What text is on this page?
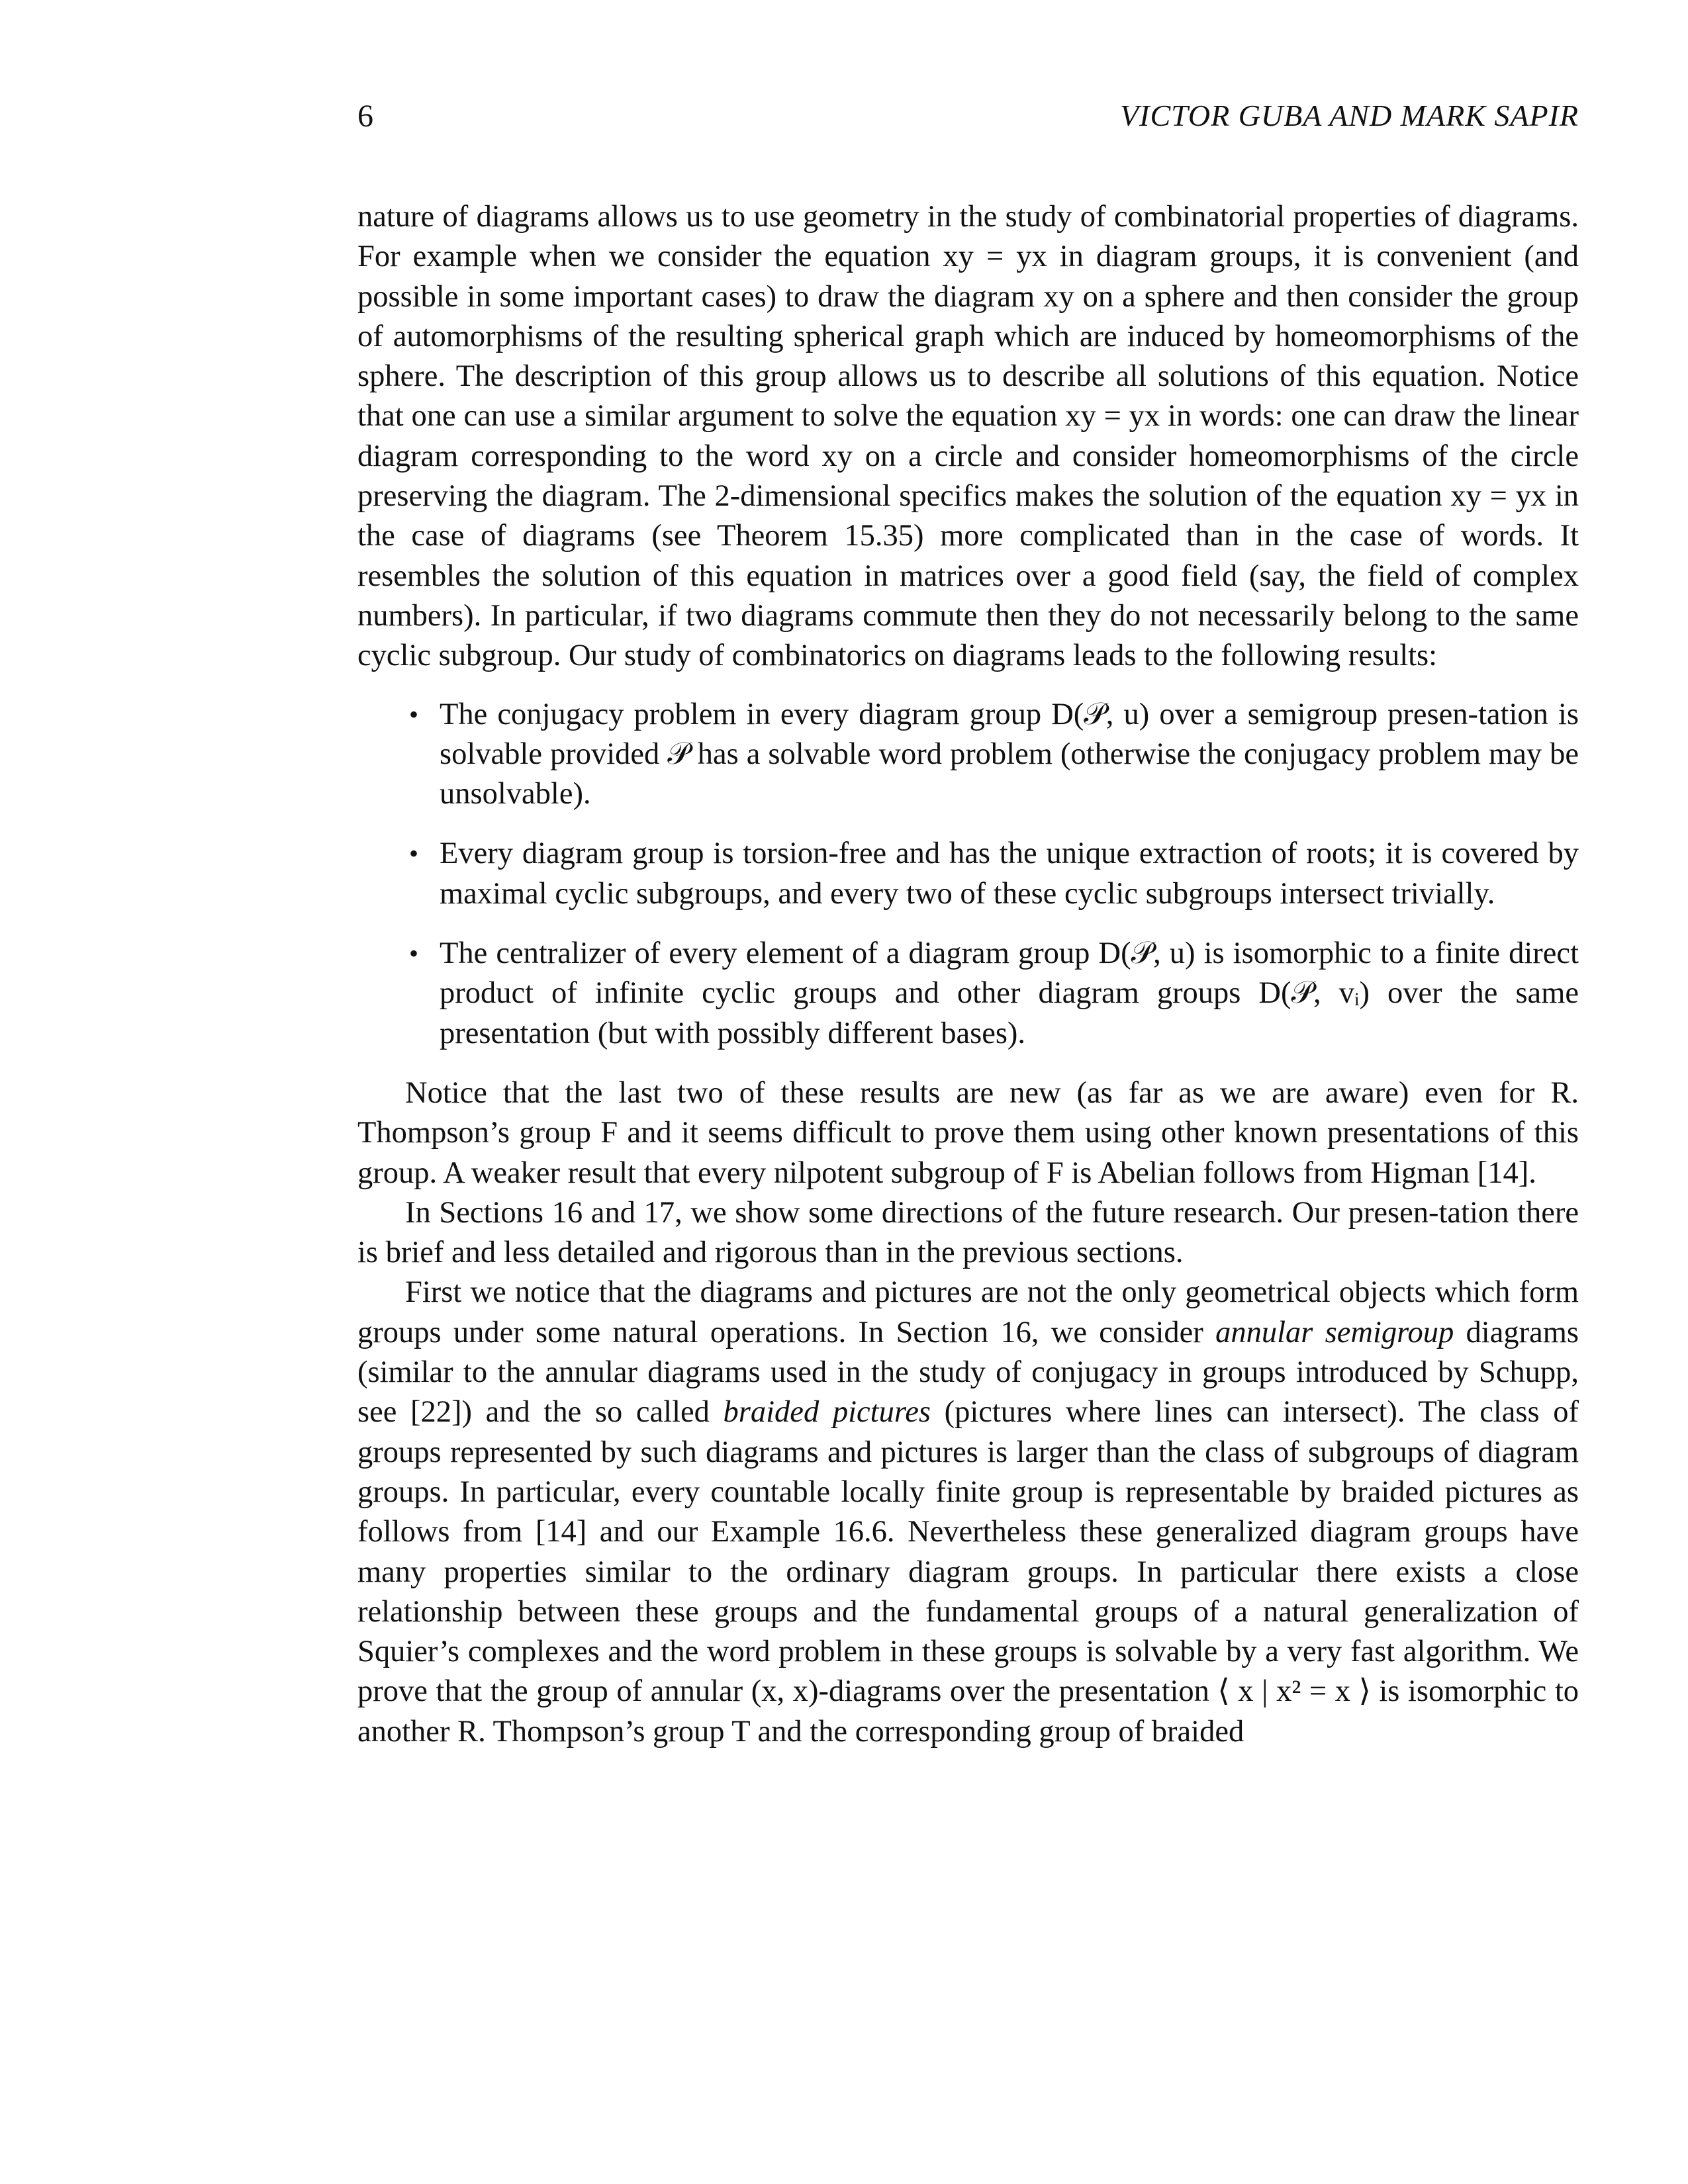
6	VICTOR GUBA AND MARK SAPIR

nature of diagrams allows us to use geometry in the study of combinatorial properties of diagrams. For example when we consider the equation xy = yx in diagram groups, it is convenient (and possible in some important cases) to draw the diagram xy on a sphere and then consider the group of automorphisms of the resulting spherical graph which are induced by homeomorphisms of the sphere. The description of this group allows us to describe all solutions of this equation. Notice that one can use a similar argument to solve the equation xy = yx in words: one can draw the linear diagram corresponding to the word xy on a circle and consider homeomorphisms of the circle preserving the diagram. The 2-dimensional specifics makes the solution of the equation xy = yx in the case of diagrams (see Theorem 15.35) more complicated than in the case of words. It resembles the solution of this equation in matrices over a good field (say, the field of complex numbers). In particular, if two diagrams commute then they do not necessarily belong to the same cyclic subgroup. Our study of combinatorics on diagrams leads to the following results:

• The conjugacy problem in every diagram group D(𝒫, u) over a semigroup presen-tation is solvable provided 𝒫 has a solvable word problem (otherwise the conjugacy problem may be unsolvable).
• Every diagram group is torsion-free and has the unique extraction of roots; it is covered by maximal cyclic subgroups, and every two of these cyclic subgroups intersect trivially.
• The centralizer of every element of a diagram group D(𝒫, u) is isomorphic to a finite direct product of infinite cyclic groups and other diagram groups D(𝒫, vᵢ) over the same presentation (but with possibly different bases).

Notice that the last two of these results are new (as far as we are aware) even for R. Thompson’s group F and it seems difficult to prove them using other known presentations of this group. A weaker result that every nilpotent subgroup of F is Abelian follows from Higman [14].

In Sections 16 and 17, we show some directions of the future research. Our presen-tation there is brief and less detailed and rigorous than in the previous sections.

First we notice that the diagrams and pictures are not the only geometrical objects which form groups under some natural operations. In Section 16, we consider annular semigroup diagrams (similar to the annular diagrams used in the study of conjugacy in groups introduced by Schupp, see [22]) and the so called braided pictures (pictures where lines can intersect). The class of groups represented by such diagrams and pictures is larger than the class of subgroups of diagram groups. In particular, every countable locally finite group is representable by braided pictures as follows from [14] and our Example 16.6. Nevertheless these generalized diagram groups have many properties similar to the ordinary diagram groups. In particular there exists a close relationship between these groups and the fundamental groups of a natural generalization of Squier’s complexes and the word problem in these groups is solvable by a very fast algorithm. We prove that the group of annular (x, x)-diagrams over the presentation ⟨ x | x² = x ⟩ is isomorphic to another R. Thompson’s group T and the corresponding group of braided
